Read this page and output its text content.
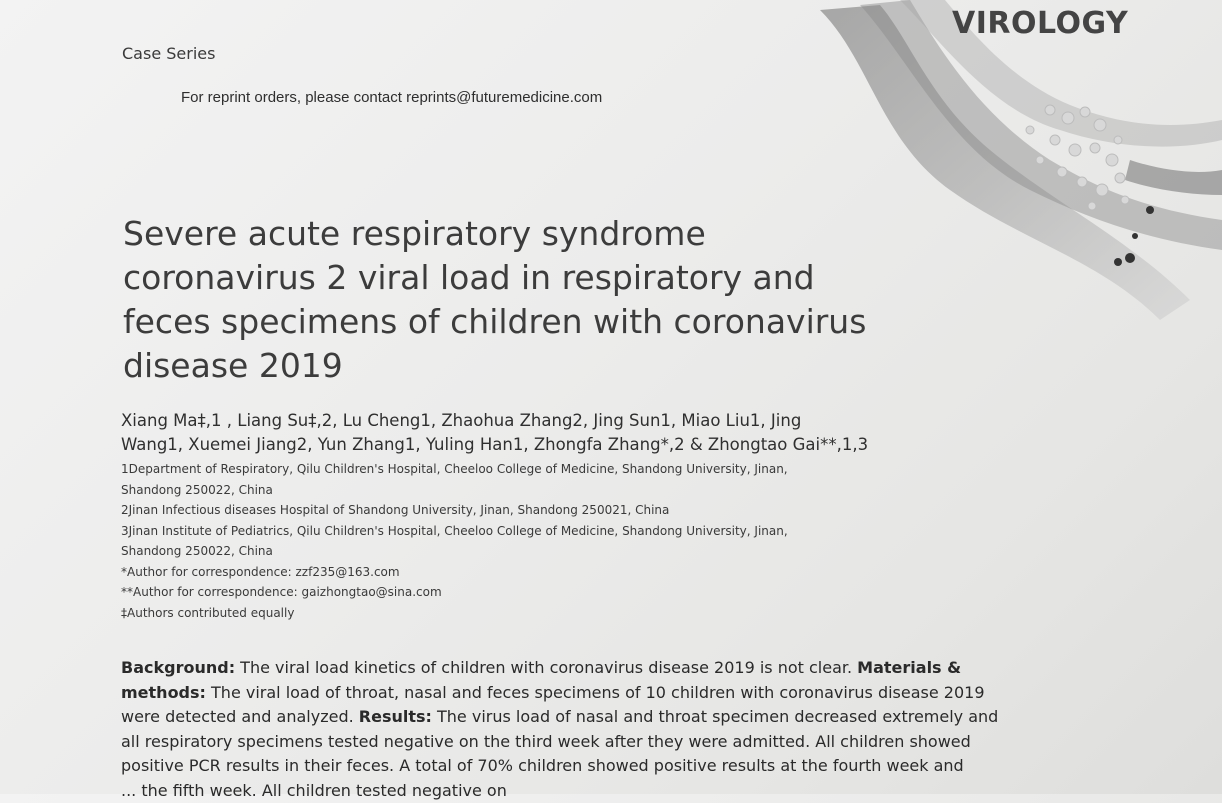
VIROLOGY
Case Series
For reprint orders, please contact reprints@futuremedicine.com
Severe acute respiratory syndrome
coronavirus 2 viral load in respiratory and
feces specimens of children with coronavirus
disease 2019
Xiang Ma‡,1 , Liang Su‡,2, Lu Cheng1, Zhaohua Zhang2, Jing Sun1, Miao Liu1, Jing
Wang1, Xuemei Jiang2, Yun Zhang1, Yuling Han1, Zhongfa Zhang*,2 & Zhongtao Gai**,1,3
1Department of Respiratory, Qilu Children's Hospital, Cheeloo College of Medicine, Shandong University, Jinan,
Shandong 250022, China
2Jinan Infectious diseases Hospital of Shandong University, Jinan, Shandong 250021, China
3Jinan Institute of Pediatrics, Qilu Children's Hospital, Cheeloo College of Medicine, Shandong University, Jinan,
Shandong 250022, China
*Author for correspondence: zzf235@163.com
**Author for correspondence: gaizhongtao@sina.com
‡Authors contributed equally
Background: The viral load kinetics of children with coronavirus disease 2019 is not clear. Materials &
methods: The viral load of throat, nasal and feces specimens of 10 children with coronavirus disease 2019
were detected and analyzed. Results: The virus load of nasal and throat specimen decreased extremely and
all respiratory specimens tested negative on the third week after they were admitted. All children showed
positive PCR results in their feces. A total of 70% children showed positive results at the fourth week and
... the fifth week. All children tested negative on
